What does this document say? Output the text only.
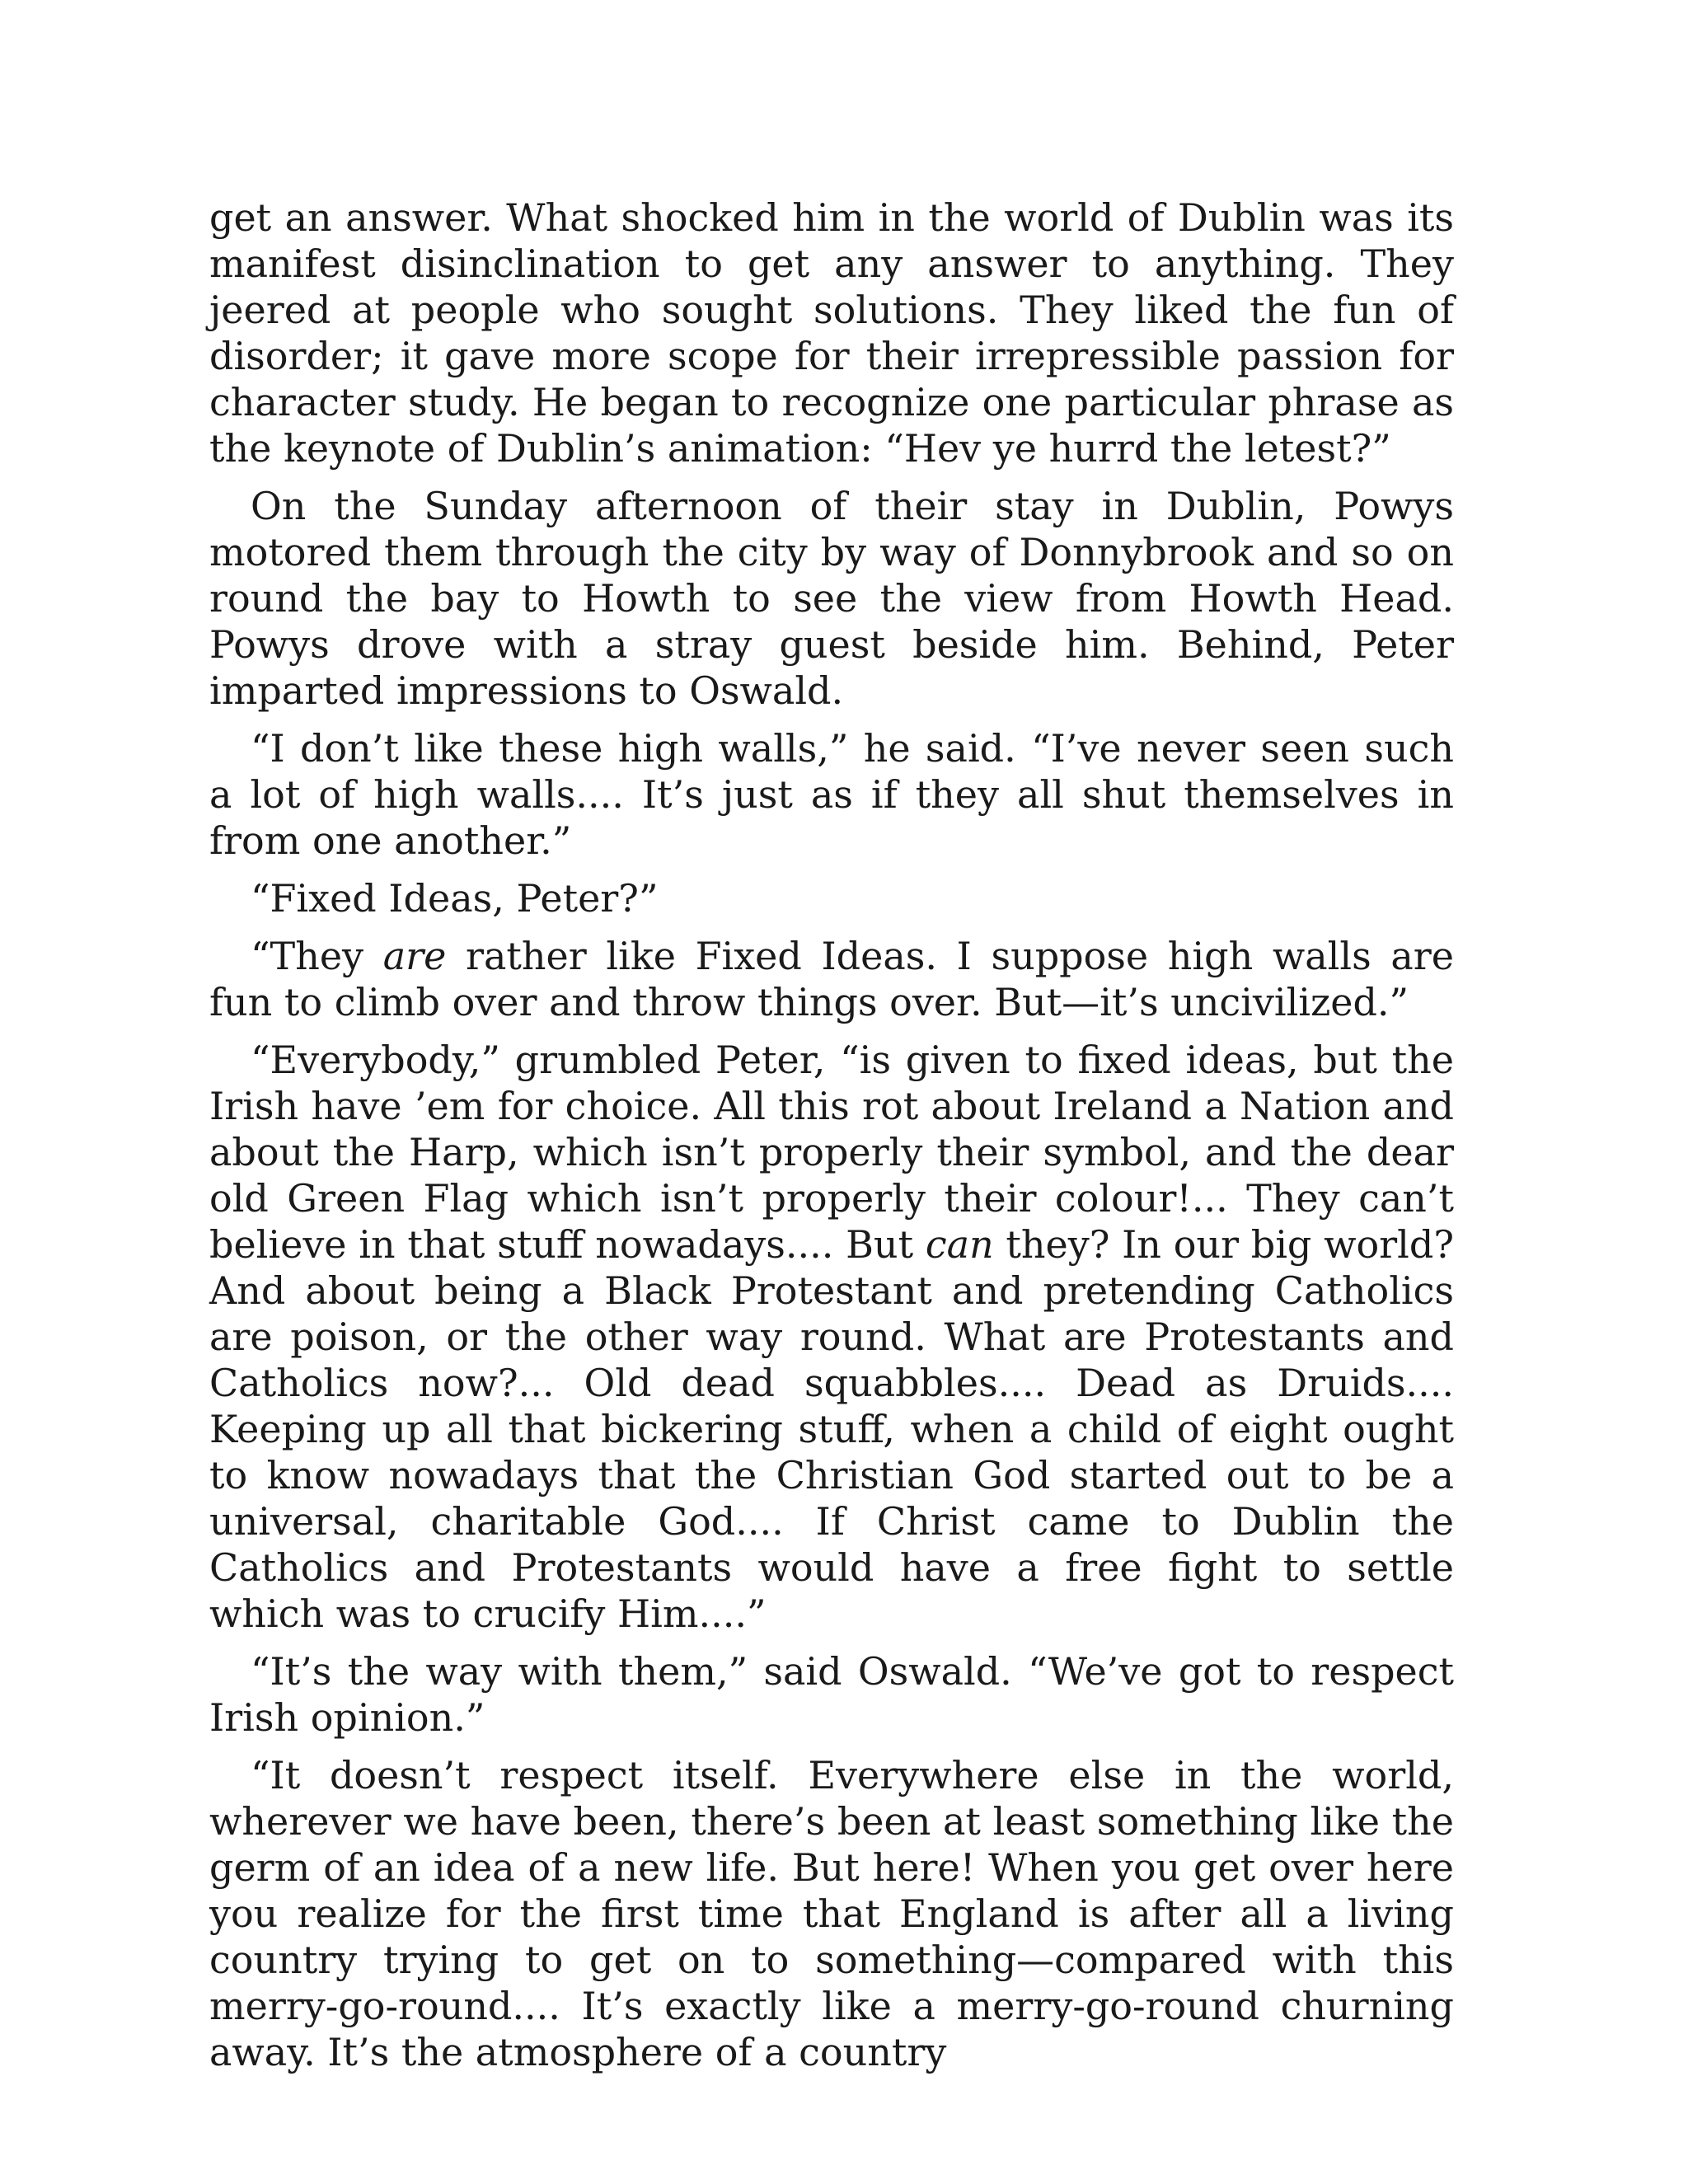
get an answer. What shocked him in the world of Dublin was its manifest disinclination to get any answer to anything. They jeered at people who sought solutions. They liked the fun of disorder; it gave more scope for their irrepressible passion for character study. He began to recognize one particular phrase as the keynote of Dublin’s animation: “Hev ye hurrd the letest?”

On the Sunday afternoon of their stay in Dublin, Powys motored them through the city by way of Donnybrook and so on round the bay to Howth to see the view from Howth Head. Powys drove with a stray guest beside him. Behind, Peter imparted impressions to Oswald.

“I don’t like these high walls,” he said. “I’ve never seen such a lot of high walls.... It’s just as if they all shut themselves in from one another.”

“Fixed Ideas, Peter?”

“They are rather like Fixed Ideas. I suppose high walls are fun to climb over and throw things over. But—it’s uncivilized.”

“Everybody,” grumbled Peter, “is given to fixed ideas, but the Irish have ’em for choice. All this rot about Ireland a Nation and about the Harp, which isn’t properly their symbol, and the dear old Green Flag which isn’t properly their colour!... They can’t believe in that stuff nowadays.... But can they? In our big world? And about being a Black Protestant and pretending Catholics are poison, or the other way round. What are Protestants and Catholics now?... Old dead squabbles.... Dead as Druids.... Keeping up all that bickering stuff, when a child of eight ought to know nowadays that the Christian God started out to be a universal, charitable God.... If Christ came to Dublin the Catholics and Protestants would have a free fight to settle which was to crucify Him....”

“It’s the way with them,” said Oswald. “We’ve got to respect Irish opinion.”

“It doesn’t respect itself. Everywhere else in the world, wherever we have been, there’s been at least something like the germ of an idea of a new life. But here! When you get over here you realize for the first time that England is after all a living country trying to get on to something—compared with this merry-go-round.... It’s exactly like a merry-go-round churning away. It’s the atmosphere of a country
